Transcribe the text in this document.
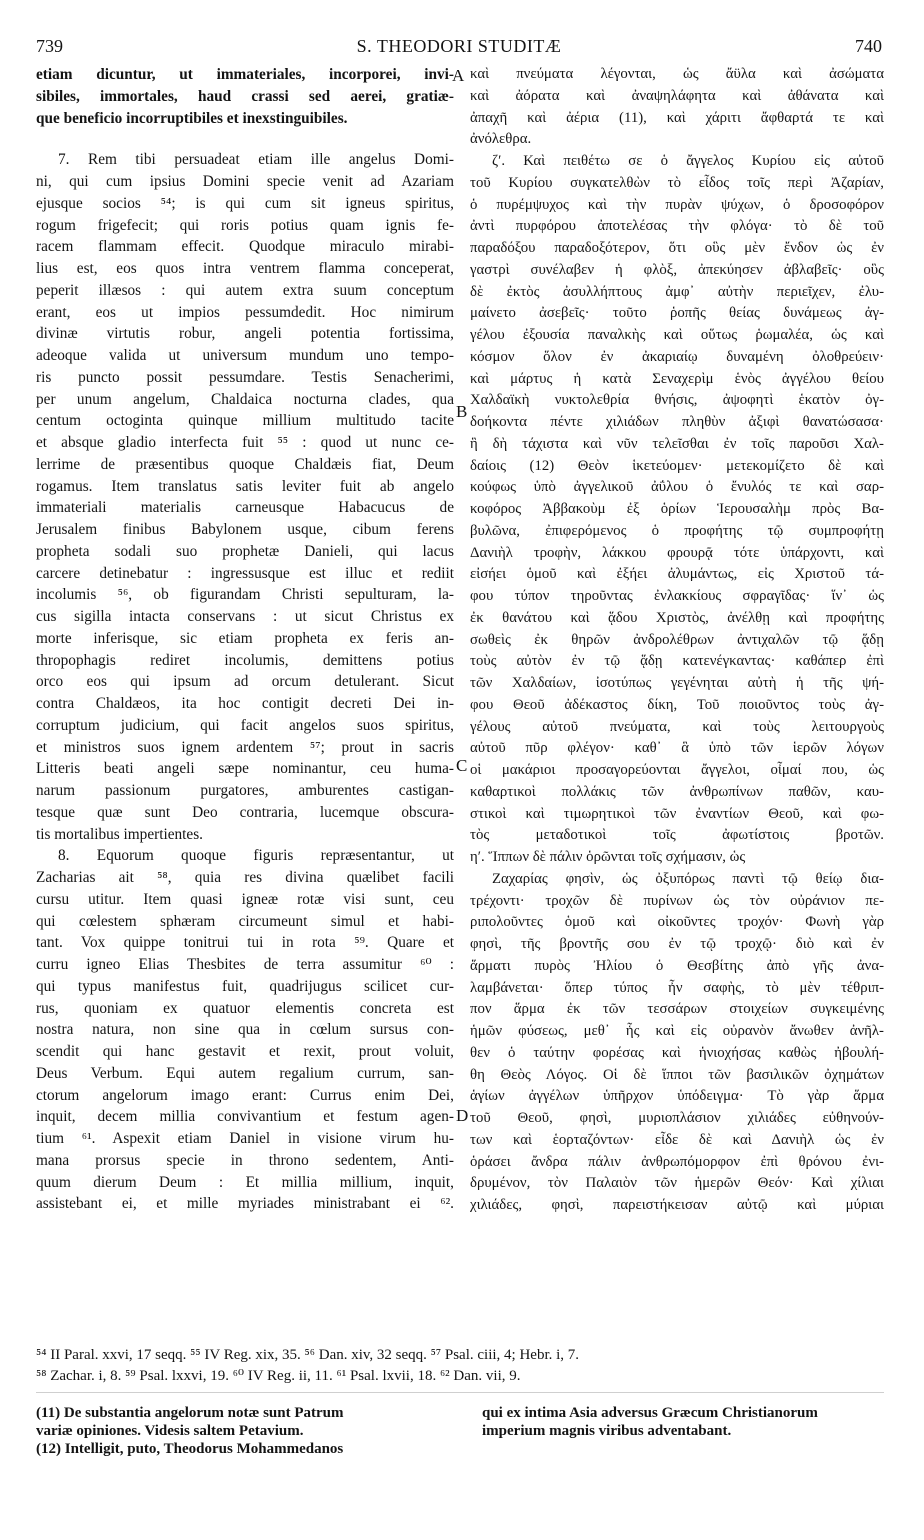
739	S. THEODORI STUDITÆ	740
etiam dicuntur, ut immateriales, incorporei, invi-
sibiles, immortales, haud crassi sed aerei, gratiæ-
que beneficio incorruptibiles et inexstinguibiles.
7. Rem tibi persuadeat etiam ille angelus Domi-
ni, qui cum ipsius Domini specie venit ad Azariam
ejusque socios ⁵⁴; is qui cum sit igneus spiritus,
rogum frigefecit; qui roris potius quam ignis fe-
racem flammam effecit. Quodque miraculo mirabi-
lius est, eos quos intra ventrem flamma conceperat,
peperit illæsos : qui autem extra suum conceptum
erant, eos ut impios pessumdedit. Hoc nimirum
divinæ virtutis robur, angeli potentia fortissima,
adeoque valida ut universum mundum uno tempo-
ris puncto possit pessumdare. Testis Senacherimi,
per unum angelum, Chaldaica nocturna clades, qua
centum octoginta quinque millium multitudo tacite
et absque gladio interfecta fuit ⁵⁵ : quod ut nunc ce-
lerrime de præsentibus quoque Chaldæis fiat, Deum
rogamus. Item translatus satis leviter fuit ab angelo
immateriali materialis carneusque Habacucus de
Jerusalem finibus Babylonem usque, cibum ferens
propheta sodali suo prophetæ Danieli, qui lacus
carcere detinebatur : ingressusque est illuc et rediit
incolumis ⁵⁶, ob figurandam Christi sepulturam, la-
cus sigilla intacta conservans : ut sicut Christus ex
morte inferisque, sic etiam propheta ex feris an-
thropophagis rediret incolumis, demittens potius
orco eos qui ipsum ad orcum detulerant. Sicut
contra Chaldæos, ita hoc contigit decreti Dei in-
corruptum judicium, qui facit angelos suos spiritus,
et ministros suos ignem ardentem ⁵⁷; prout in sacris
Litteris beati angeli sæpe nominantur, ceu huma-
narum passionum purgatores, amburentes castigan-
tesque quæ sunt Deo contraria, lucemque obscura-
tis mortalibus impertientes.
8. Equorum quoque figuris repræsentantur, ut
Zacharias ait ⁵⁸, quia res divina quælibet facili
cursu utitur. Item quasi igneæ rotæ visi sunt, ceu
qui cœlestem sphæram circumeunt simul et habi-
tant. Vox quippe tonitrui tui in rota ⁵⁹. Quare et
curru igneo Elias Thesbites de terra assumitur ⁶⁰ :
qui typus manifestus fuit, quadrijugus scilicet cur-
rus, quoniam ex quatuor elementis concreta est
nostra natura, non sine qua in cœlum sursus con-
scendit qui hanc gestavit et rexit, prout voluit,
Deus Verbum. Equi autem regalium currum, san-
ctorum angelorum imago erant: Currus enim Dei,
inquit, decem millia convivantium et festum agen-
tium ⁶¹. Aspexit etiam Daniel in visione virum hu-
mana prorsus specie in throno sedentem, Anti-
quum dierum Deum : Et millia millium, inquit,
assistebant ei, et mille myriades ministrabant ei ⁶².
καὶ πνεύματα λέγονται, ὡς ἄϋλα καὶ ἀσώματα
καὶ ἀόρατα καὶ ἀναψηλάφητα καὶ ἀθάνατα καὶ
ἀπαχῆ καὶ ἀέρια (11), καὶ χάριτι ἄφθαρτά τε καὶ
ἀνόλεθρα.
ζʹ. Καὶ πειθέτω σε ὁ ἄγγελος Κυρίου εἰς αὐτοῦ
τοῦ Κυρίου συγκατελθὼν τὸ εἶδος τοῖς περὶ Ἀζαρίαν,
ὁ πυρέμψυχος καὶ τὴν πυρὰν ψύχων, ὁ δροσοφόρον
ἀντὶ πυρφόρου ἀποτελέσας τὴν φλόγα· τὸ δὲ τοῦ
παραδόξου παραδοξότερον, ὅτι οὓς μὲν ἔνδον ὡς ἐν
γαστρὶ συνέλαβεν ἡ φλὸξ, ἀπεκύησεν ἀβλαβεῖς· οὓς
δὲ ἐκτὸς ἀσυλλήπτους ἀμφ᾽ αὐτὴν περιεῖχεν, ἐλυ-
μαίνετο ἀσεβεῖς· τοῦτο ῥοπῆς θείας δυνάμεως ἀγ-
γέλου ἐξουσία παναλκὴς καὶ οὕτως ῥωμαλέα, ὡς καὶ
κόσμον ὅλον ἐν ἀκαριαίῳ δυναμένη ὀλοθρεύειν·
καὶ μάρτυς ἡ κατὰ Σεναχερὶμ ἑνὸς ἀγγέλου θείου
Χαλδαϊκὴ νυκτολεθρία θνήσις, ἀψοφητὶ ἑκατὸν ὀγ-
δοήκοντα πέντε χιλιάδων πληθὺν ἀξιφὶ θανατώσασα·
ἣ δὴ τάχιστα καὶ νῦν τελεῖσθαι ἐν τοῖς παροῦσι Χαλ-
δαίοις (12) Θεὸν ἱκετεύομεν· μετεκομίζετο δὲ καὶ
κούφως ὑπὸ ἀγγελικοῦ ἀΰλου ὁ ἔνυλός τε καὶ σαρ-
κοφόρος Ἀββακοὺμ ἐξ ὁρίων Ἱερουσαλὴμ πρὸς Βα-
βυλῶνα, ἐπιφερόμενος ὁ προφήτης τῷ συμπροφήτῃ
Δανιὴλ τροφὴν, λάκκου φρουρᾷ τότε ὑπάρχοντι, καὶ
εἰσήει ὁμοῦ καὶ ἐξήει ἀλυμάντως, εἰς Χριστοῦ τά-
φου τύπον τηροῦντας ἐνλακκίους σφραγῖδας· ἵν᾽ ὡς
ἐκ θανάτου καὶ ᾅδου Χριστὸς, ἀνέλθῃ καὶ προφήτης
σωθεὶς ἐκ θηρῶν ἀνδρολέθρων ἀντιχαλῶν τῷ ᾅδῃ
τοὺς αὐτὸν ἐν τῷ ᾅδῃ κατενέγκαντας· καθάπερ ἐπὶ
τῶν Χαλδαίων, ἰσοτύπως γεγένηται αὐτὴ ἡ τῆς ψή-
φου Θεοῦ ἀδέκαστος δίκη, Τοῦ ποιοῦντος τοὺς ἀγ-
γέλους αὐτοῦ πνεύματα, καὶ τοὺς λειτουργοὺς
αὐτοῦ πῦρ φλέγον· καθ᾽ ἃ ὑπὸ τῶν ἱερῶν λόγων
οἱ μακάριοι προσαγορεύονται ἄγγελοι, οἶμαί που, ὡς
καθαρτικοὶ πολλάκις τῶν ἀνθρωπίνων παθῶν, καυ-
στικοὶ καὶ τιμωρητικοὶ τῶν ἐναντίων Θεοῦ, καὶ φω-
τὸς μεταδοτικοὶ τοῖς ἀφωτίστοις βροτῶν.
ηʹ. Ἵππων δὲ πάλιν ὁρῶνται τοῖς σχήμασιν, ὡς
Ζαχαρίας φησὶν, ὡς ὀξυπόρως παντὶ τῷ θείῳ δια-
τρέχοντι· τροχῶν δὲ πυρίνων ὡς τὸν οὐράνιον πε-
ριπολοῦντες ὁμοῦ καὶ οἰκοῦντες τροχόν· Φωνὴ γὰρ
φησὶ, τῆς βροντῆς σου ἐν τῷ τροχῷ· διὸ καὶ ἐν
ἅρματι πυρὸς Ἠλίου ὁ Θεσβίτης ἀπὸ γῆς ἀνα-
λαμβάνεται· ὅπερ τύπος ἦν σαφὴς, τὸ μὲν τέθριπ-
πον ἅρμα ἐκ τῶν τεσσάρων στοιχείων συγκειμένης
ἡμῶν φύσεως, μεθ᾽ ἧς καὶ εἰς οὐρανὸν ἄνωθεν ἀνῆλ-
θεν ὁ ταύτην φορέσας καὶ ἡνιοχήσας καθὼς ἠβουλή-
θη Θεὸς Λόγος. Οἱ δὲ ἵπποι τῶν βασιλικῶν ὀχημάτων
ἁγίων ἀγγέλων ὑπῆρχον ὑπόδειγμα· Τὸ γὰρ ἅρμα
τοῦ Θεοῦ, φησὶ, μυριοπλάσιον χιλιάδες εὐθηνούν-
των καὶ ἑορταζόντων· εἶδε δὲ καὶ Δανιὴλ ὡς ἐν
ὁράσει ἄνδρα πάλιν ἀνθρωπόμορφον ἐπὶ θρόνου ἐνι-
δρυμένον, τὸν Παλαιὸν τῶν ἡμερῶν Θεόν· Καὶ χίλιαι
χιλιάδες, φησὶ, παρειστήκεισαν αὐτῷ καὶ μύριαι
A
B
C
D
⁵⁴ II Paral. xxvi, 17 seqq. ⁵⁵ IV Reg. xix, 35. ⁵⁶ Dan. xiv, 32 seqq. ⁵⁷ Psal. ciii, 4; Hebr. i, 7.
⁵⁸ Zachar. i, 8. ⁵⁹ Psal. lxxvi, 19. ⁶⁰ IV Reg. ii, 11. ⁶¹ Psal. lxvii, 18. ⁶² Dan. vii, 9.
(11) De substantia angelorum notæ sunt Patrum
variæ opiniones. Videsis saltem Petavium.
(12) Intelligit, puto, Theodorus Mohammedanos
qui ex intima Asia adversus Græcum Christianorum
imperium magnis viribus adventabant.
